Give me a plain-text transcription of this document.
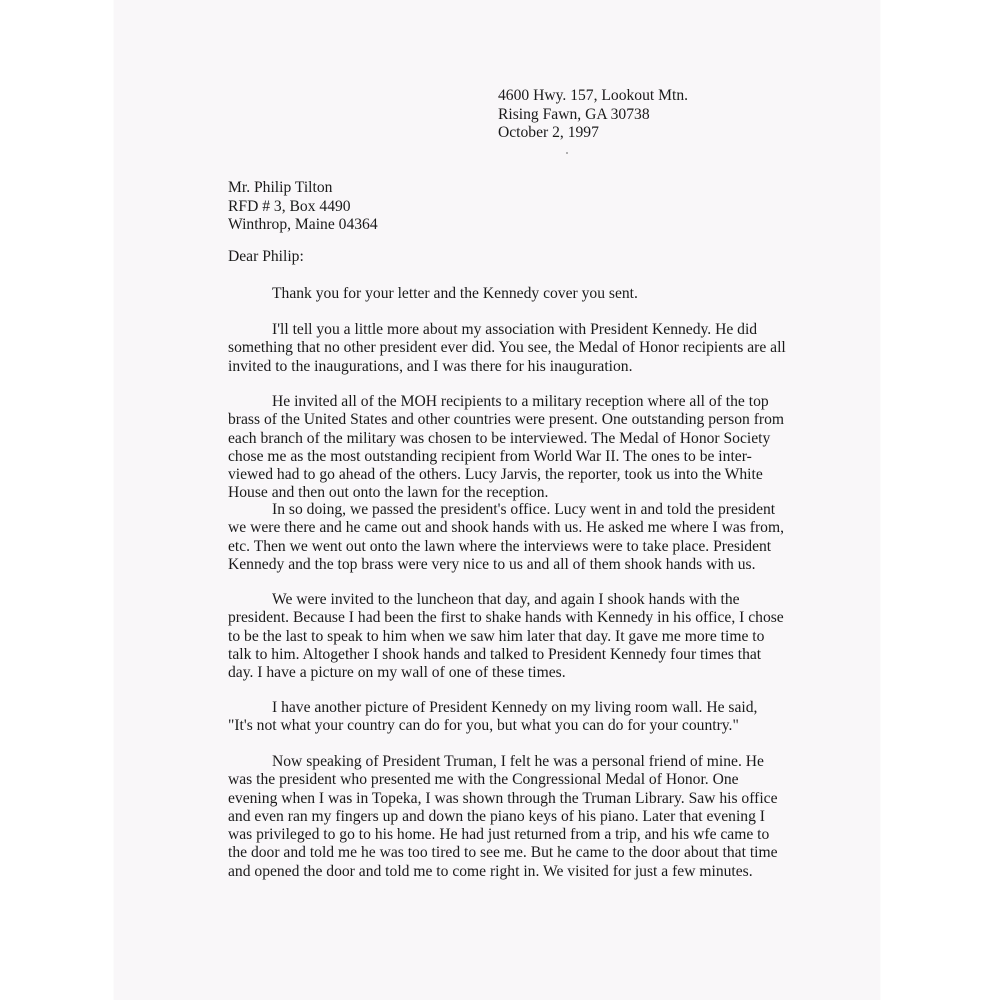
4600 Hwy. 157, Lookout Mtn.
Rising Fawn, GA 30738
October 2, 1997
Mr. Philip Tilton
RFD # 3, Box 4490
Winthrop, Maine 04364
Dear Philip:
Thank you for your letter and the Kennedy cover you sent.
I'll tell you a little more about my association with President Kennedy. He did
something that no other president ever did. You see, the Medal of Honor recipients are all
invited to the inaugurations, and I was there for his inauguration.
He invited all of the MOH recipients to a military reception where all of the top
brass of the United States and other countries were present. One outstanding person from
each branch of the military was chosen to be interviewed. The Medal of Honor Society
chose me as the most outstanding recipient from World War II. The ones to be inter-
viewed had to go ahead of the others. Lucy Jarvis, the reporter, took us into the White
House and then out onto the lawn for the reception.
In so doing, we passed the president's office. Lucy went in and told the president
we were there and he came out and shook hands with us. He asked me where I was from,
etc. Then we went out onto the lawn where the interviews were to take place. President
Kennedy and the top brass were very nice to us and all of them shook hands with us.
We were invited to the luncheon that day, and again I shook hands with the
president. Because I had been the first to shake hands with Kennedy in his office, I chose
to be the last to speak to him when we saw him later that day. It gave me more time to
talk to him. Altogether I shook hands and talked to President Kennedy four times that
day. I have a picture on my wall of one of these times.
I have another picture of President Kennedy on my living room wall. He said,
"It's not what your country can do for you, but what you can do for your country."
Now speaking of President Truman, I felt he was a personal friend of mine. He
was the president who presented me with the Congressional Medal of Honor. One
evening when I was in Topeka, I was shown through the Truman Library. Saw his office
and even ran my fingers up and down the piano keys of his piano. Later that evening I
was privileged to go to his home. He had just returned from a trip, and his wfe came to
the door and told me he was too tired to see me. But he came to the door about that time
and opened the door and told me to come right in. We visited for just a few minutes.
